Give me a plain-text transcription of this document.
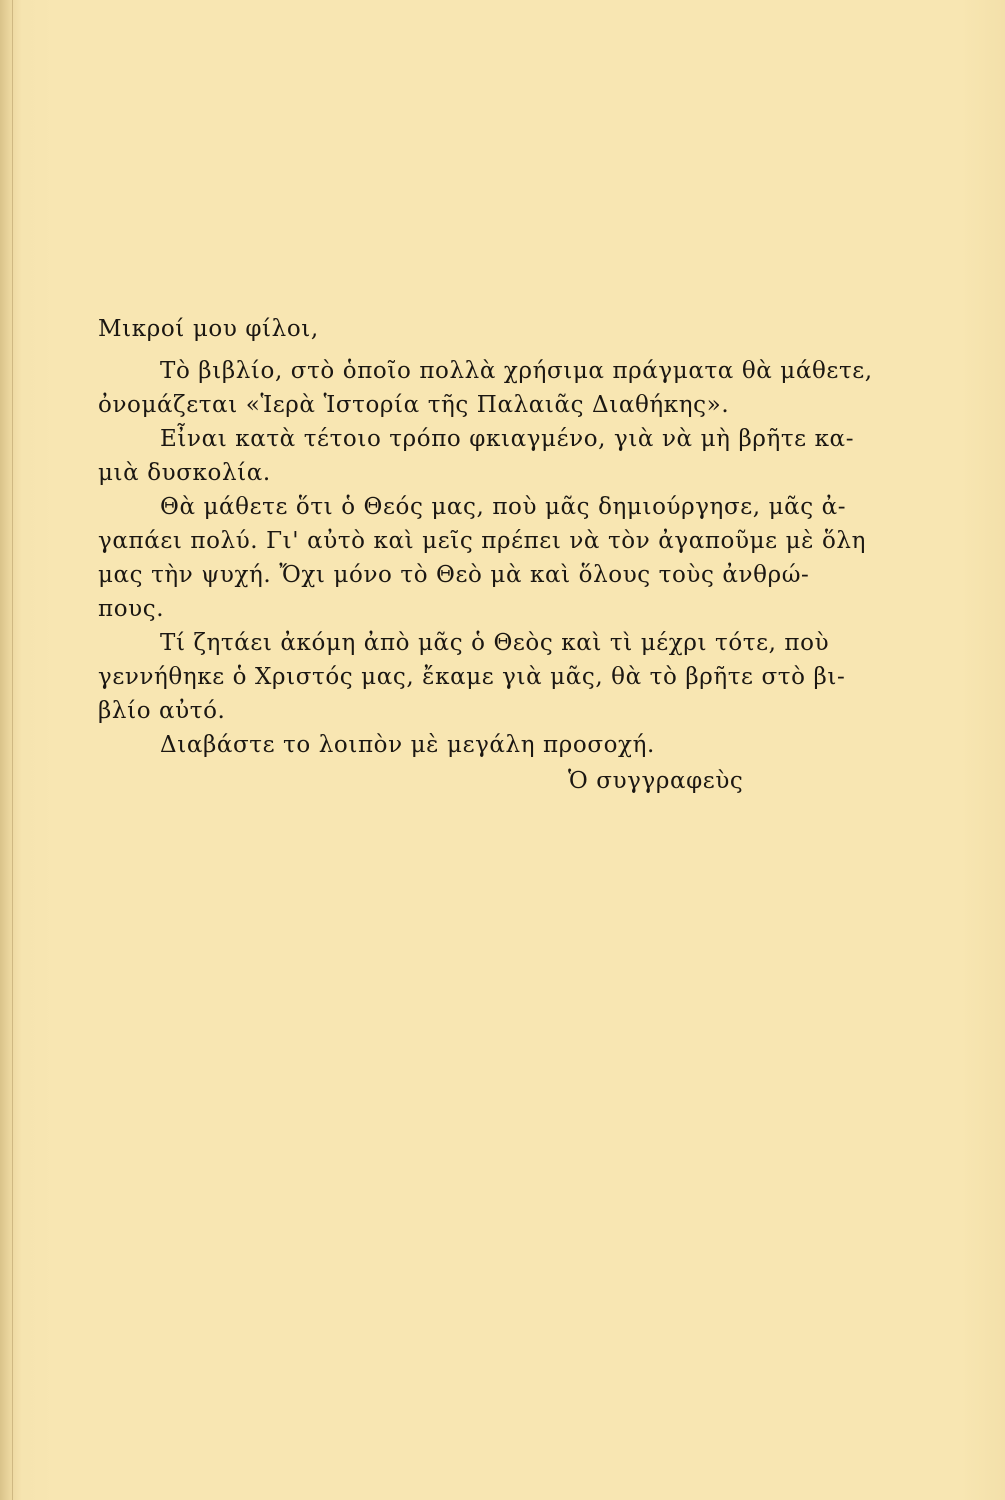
Μικροί μου φίλοι,
Τὸ βιβλίο, στὸ ὁποῖο πολλὰ χρήσιμα πράγματα θὰ μάθετε,
ὀνομάζεται «Ἱερὰ Ἱστορία τῆς Παλαιᾶς Διαθήκης».
Εἶναι κατὰ τέτοιο τρόπο φκιαγμένο, γιὰ νὰ μὴ βρῆτε κα-
μιὰ δυσκολία.
Θὰ μάθετε ὅτι ὁ Θεός μας, ποὺ μᾶς δημιούργησε, μᾶς ἀ-
γαπάει πολύ. Γι' αὐτὸ καὶ μεῖς πρέπει νὰ τὸν ἀγαποῦμε μὲ ὅλη
μας τὴν ψυχή. Ὄχι μόνο τὸ Θεὸ μὰ καὶ ὅλους τοὺς ἀνθρώ-
πους.
Τί ζητάει ἀκόμη ἀπὸ μᾶς ὁ Θεὸς καὶ τὶ μέχρι τότε, ποὺ
γεννήθηκε ὁ Χριστός μας, ἔκαμε γιὰ μᾶς, θὰ τὸ βρῆτε στὸ βι-
βλίο αὐτό.
Διαβάστε το λοιπὸν μὲ μεγάλη προσοχή.
Ὁ συγγραφεὺς
